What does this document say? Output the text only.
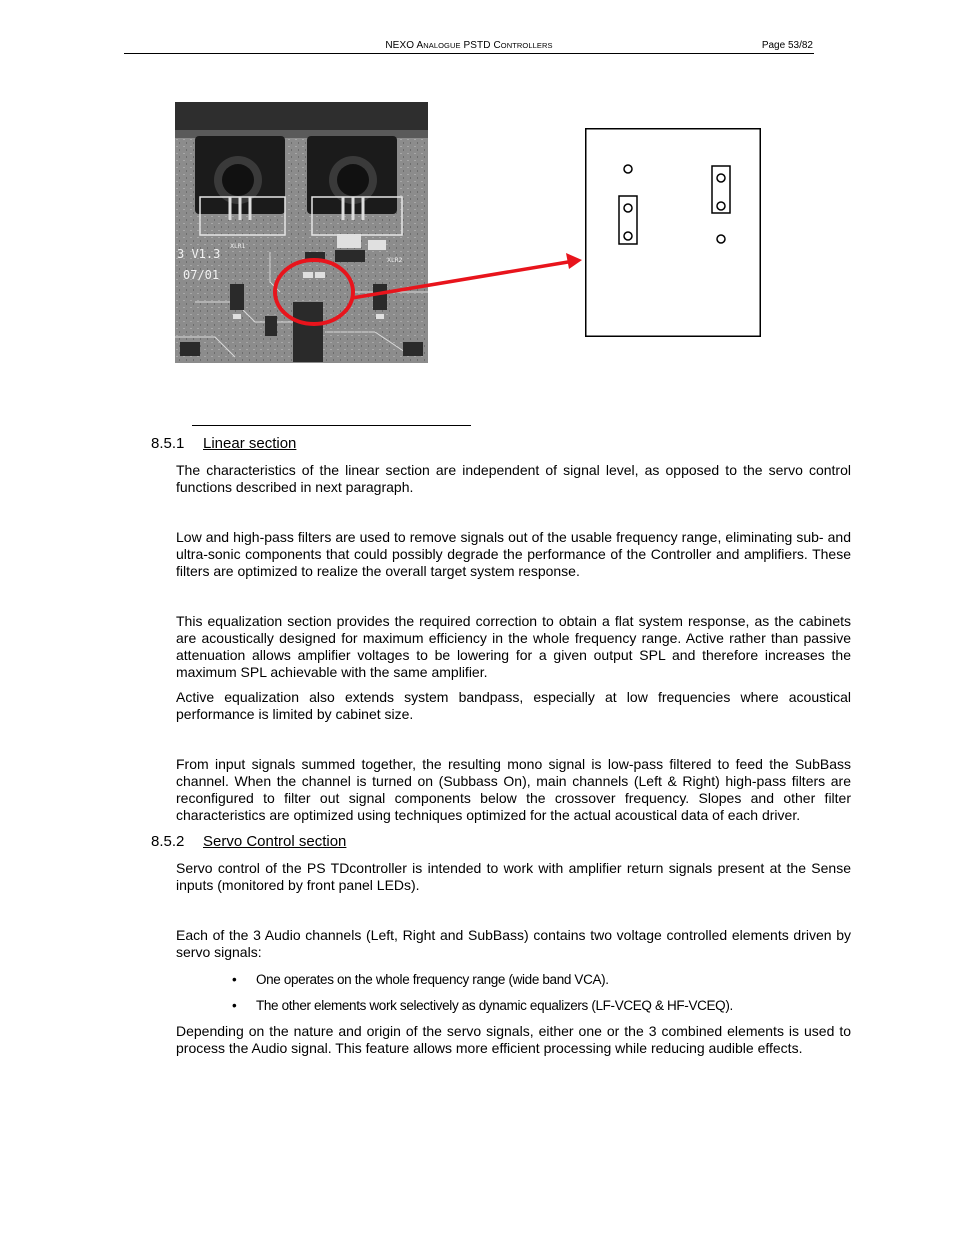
NEXO ANALOGUE PSTD CONTROLLERS	Page 53/82
3 V1.3
07/01
XLR1
XLR2
8.5.1 Linear section
The characteristics of the linear section are independent of signal level, as opposed to the servo control functions described in next paragraph.
Low and high-pass filters are used to remove signals out of the usable frequency range, eliminating sub- and ultra-sonic components that could possibly degrade the performance of the Controller and amplifiers. These filters are optimized to realize the overall target system response.
This equalization section provides the required correction to obtain a flat system response, as the cabinets are acoustically designed for maximum efficiency in the whole frequency range. Active rather than passive attenuation allows amplifier voltages to be lowering for a given output SPL and therefore increases the maximum SPL achievable with the same amplifier.
Active equalization also extends system bandpass, especially at low frequencies where acoustical performance is limited by cabinet size.
From input signals summed together, the resulting mono signal is low-pass filtered to feed the SubBass channel. When the channel is turned on (Subbass On), main channels (Left & Right) high-pass filters are reconfigured to filter out signal components below the crossover frequency. Slopes and other filter characteristics are optimized using techniques optimized for the actual acoustical data of each driver.
8.5.2 Servo Control section
Servo control of the PS TDcontroller is intended to work with amplifier return signals present at the Sense inputs (monitored by front panel LEDs).
Each of the 3 Audio channels (Left, Right and SubBass) contains two voltage controlled elements driven by servo signals:
• One operates on the whole frequency range (wide band VCA).
• The other elements work selectively as dynamic equalizers (LF-VCEQ & HF-VCEQ).
Depending on the nature and origin of the servo signals, either one or the 3 combined elements is used to process the Audio signal. This feature allows more efficient processing while reducing audible effects.
